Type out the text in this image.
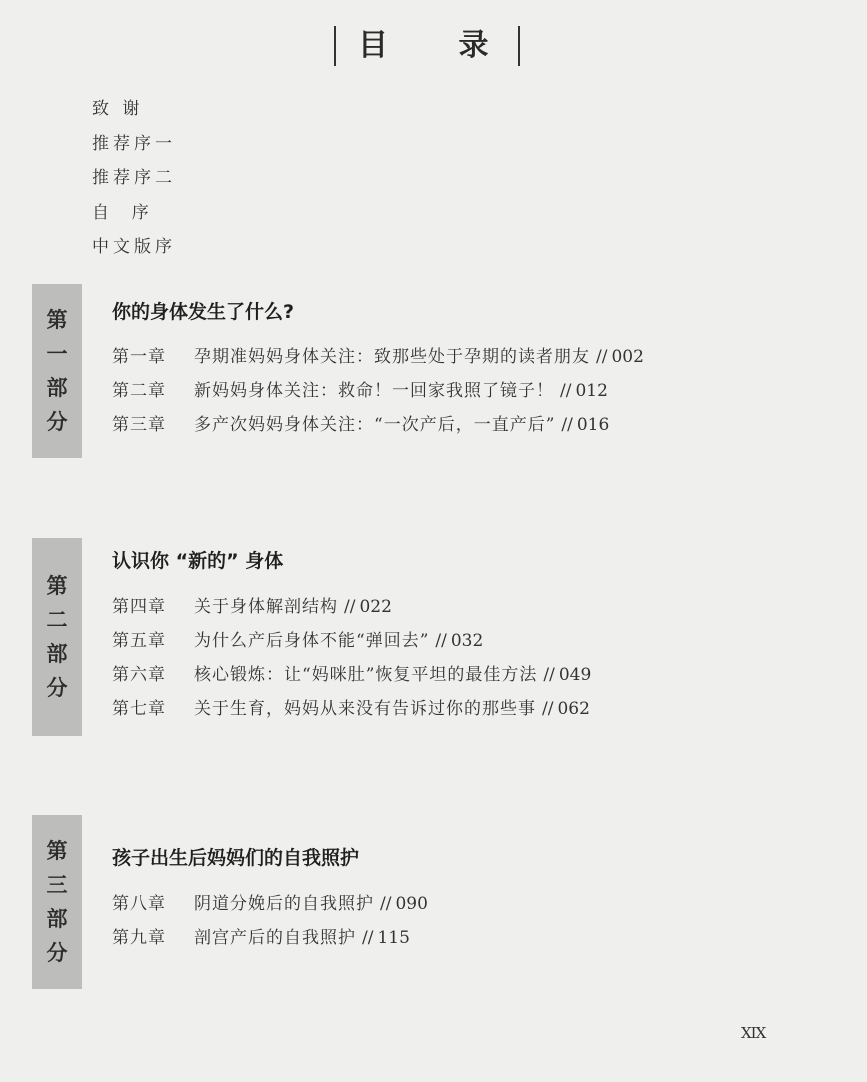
目 录
致 谢
推荐序一
推荐序二
自  序
中文版序
第
一
部
分
你的身体发生了什么?
第一章 孕期准妈妈身体关注：致那些处于孕期的读者朋友 // 002
第二章 新妈妈身体关注：救命！一回家我照了镜子！ // 012
第三章 多产次妈妈身体关注：“一次产后，一直产后” // 016
第
二
部
分
认识你 “新的” 身体
第四章 关于身体解剖结构 // 022
第五章 为什么产后身体不能“弹回去” // 032
第六章 核心锻炼：让“妈咪肚”恢复平坦的最佳方法 // 049
第七章 关于生育，妈妈从来没有告诉过你的那些事 // 062
第
三
部
分
孩子出生后妈妈们的自我照护
第八章 阴道分娩后的自我照护 // 090
第九章 剖宫产后的自我照护 // 115
XIX
